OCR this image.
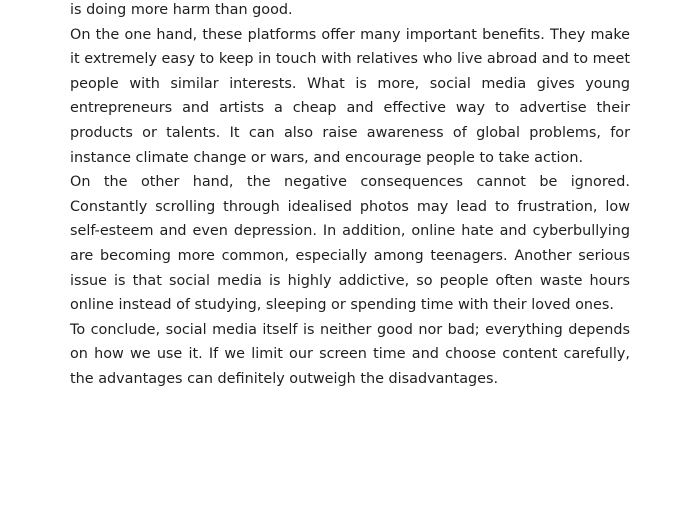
is doing more harm than good.

On the one hand, these platforms offer many important benefits. They make it extremely easy to keep in touch with relatives who live abroad and to meet people with similar interests. What is more, social media gives young entrepreneurs and artists a cheap and effective way to advertise their products or talents. It can also raise awareness of global problems, for instance climate change or wars, and encourage people to take action.

On the other hand, the negative consequences cannot be ignored. Constantly scrolling through idealised photos may lead to frustration, low self-esteem and even depression. In addition, online hate and cyberbullying are becoming more common, especially among teenagers. Another serious issue is that social media is highly addictive, so people often waste hours online instead of studying, sleeping or spending time with their loved ones.

To conclude, social media itself is neither good nor bad; everything depends on how we use it. If we limit our screen time and choose content carefully, the advantages can definitely outweigh the disadvantages.
